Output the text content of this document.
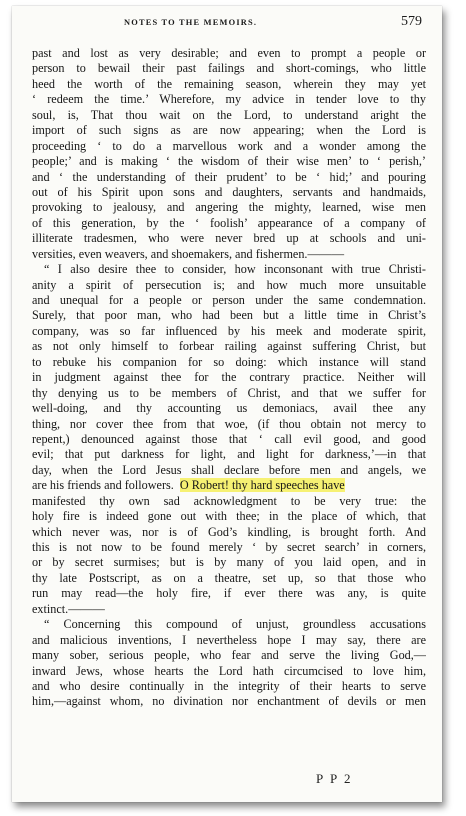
NOTES TO THE MEMOIRS.	579
past and lost as very desirable; and even to prompt a people or
person to bewail their past failings and short-comings, who little
heed the worth of the remaining season, wherein they may yet
‘ redeem the time.’ Wherefore, my advice in tender love to thy
soul, is, That thou wait on the Lord, to understand aright the
import of such signs as are now appearing; when the Lord is
proceeding ‘ to do a marvellous work and a wonder among the
people;’ and is making ‘ the wisdom of their wise men’ to ‘ perish,’
and ‘ the understanding of their prudent’ to be ‘ hid;’ and pouring
out of his Spirit upon sons and daughters, servants and handmaids,
provoking to jealousy, and angering the mighty, learned, wise men
of this generation, by the ‘ foolish’ appearance of a company of
illiterate tradesmen, who were never bred up at schools and uni-
versities, even weavers, and shoemakers, and fishermen.———
“ I also desire thee to consider, how inconsonant with true Christi-
anity a spirit of persecution is; and how much more unsuitable
and unequal for a people or person under the same condemnation.
Surely, that poor man, who had been but a little time in Christ’s
company, was so far influenced by his meek and moderate spirit,
as not only himself to forbear railing against suffering Christ, but
to rebuke his companion for so doing: which instance will stand
in judgment against thee for the contrary practice. Neither will
thy denying us to be members of Christ, and that we suffer for
well-doing, and thy accounting us demoniacs, avail thee any
thing, nor cover thee from that woe, (if thou obtain not mercy to
repent,) denounced against those that ‘ call evil good, and good
evil; that put darkness for light, and light for darkness,’—in that
day, when the Lord Jesus shall declare before men and angels, we
are his friends and followers. O Robert! thy hard speeches have
manifested thy own sad acknowledgment to be very true: the
holy fire is indeed gone out with thee; in the place of which, that
which never was, nor is of God’s kindling, is brought forth. And
this is not now to be found merely ‘ by secret search’ in corners,
or by secret surmises; but is by many of you laid open, and in
thy late Postscript, as on a theatre, set up, so that those who
run may read—the holy fire, if ever there was any, is quite
extinct.———
“ Concerning this compound of unjust, groundless accusations
and malicious inventions, I nevertheless hope I may say, there are
many sober, serious people, who fear and serve the living God,—
inward Jews, whose hearts the Lord hath circumcised to love him,
and who desire continually in the integrity of their hearts to serve
him,—against whom, no divination nor enchantment of devils or men
P P 2
